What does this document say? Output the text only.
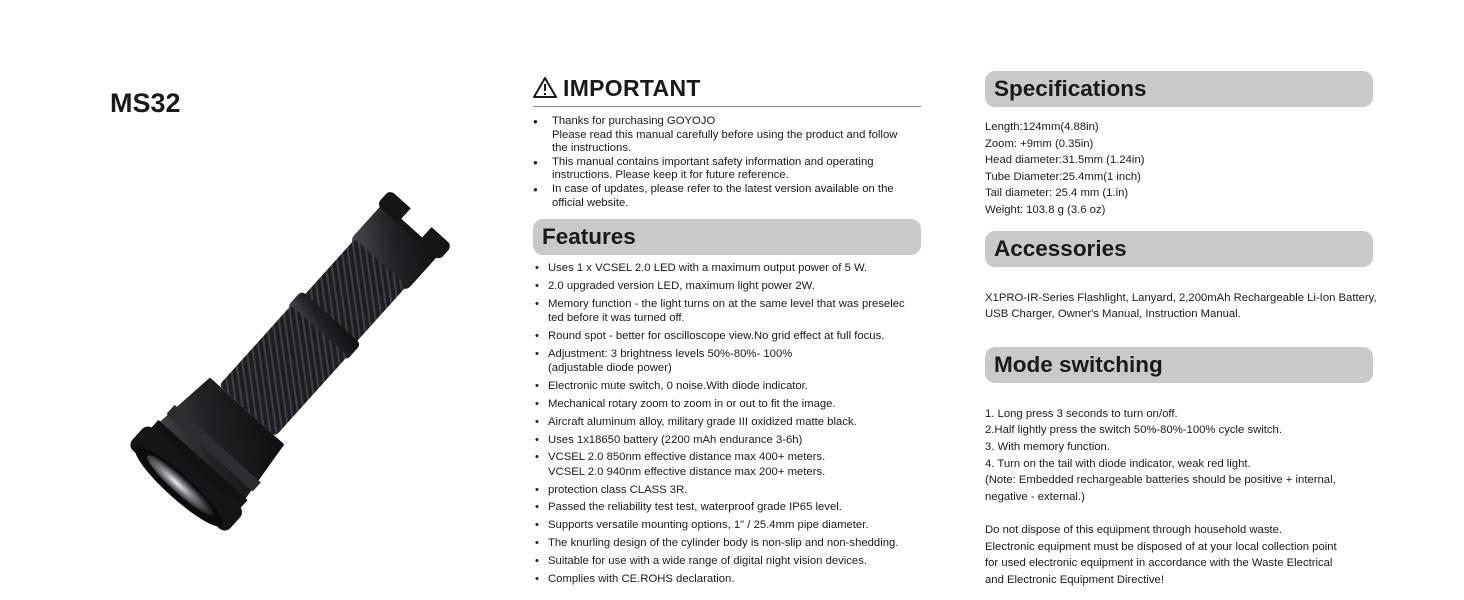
MS32
IMPORTANT
● Thanks for purchasing GOYOJO
Please read this manual carefully before using the product and follow
the instructions.
● This manual contains important safety information and operating
instructions. Please keep it for future reference.
● In case of updates, please refer to the latest version available on the
official website.
Features
• Uses 1 x VCSEL 2.0 LED with a maximum output power of 5 W.
• 2.0 upgraded version LED, maximum light power 2W.
• Memory function - the light turns on at the same level that was preselec
ted before it was turned off.
• Round spot - better for oscilloscope view.No grid effect at full focus.
• Adjustment: 3 brightness levels 50%-80%- 100%
(adjustable diode power)
• Electronic mute switch, 0 noise.With diode indicator.
• Mechanical rotary zoom to zoom in or out to fit the image.
• Aircraft aluminum alloy, military grade III oxidized matte black.
• Uses 1x18650 battery (2200 mAh endurance 3-6h)
• VCSEL 2.0 850nm effective distance max 400+ meters.
VCSEL 2.0 940nm effective distance max 200+ meters.
• protection class CLASS 3R.
• Passed the reliability test test, waterproof grade IP65 level.
• Supports versatile mounting options, 1" / 25.4mm pipe diameter.
• The knurling design of the cylinder body is non-slip and non-shedding.
• Suitable for use with a wide range of digital night vision devices.
• Complies with CE.ROHS declaration.
Specifications
Length:124mm(4.88in)
Zoom: +9mm (0.35in)
Head diameter:31.5mm (1.24in)
Tube Diameter:25.4mm(1 inch)
Tail diameter: 25.4 mm (1.in)
Weight: 103.8 g (3.6 oz)
Accessories
X1PRO-IR-Series Flashlight, Lanyard, 2,200mAh Rechargeable Li-Ion Battery,
USB Charger, Owner's Manual, Instruction Manual.
Mode switching
1. Long press 3 seconds to turn on/off.
2.Half lightly press the switch 50%-80%-100% cycle switch.
3. With memory function.
4. Turn on the tail with diode indicator, weak red light.
(Note: Embedded rechargeable batteries should be positive + internal,
negative - external.)
Do not dispose of this equipment through household waste.
Electronic equipment must be disposed of at your local collection point
for used electronic equipment in accordance with the Waste Electrical
and Electronic Equipment Directive!
